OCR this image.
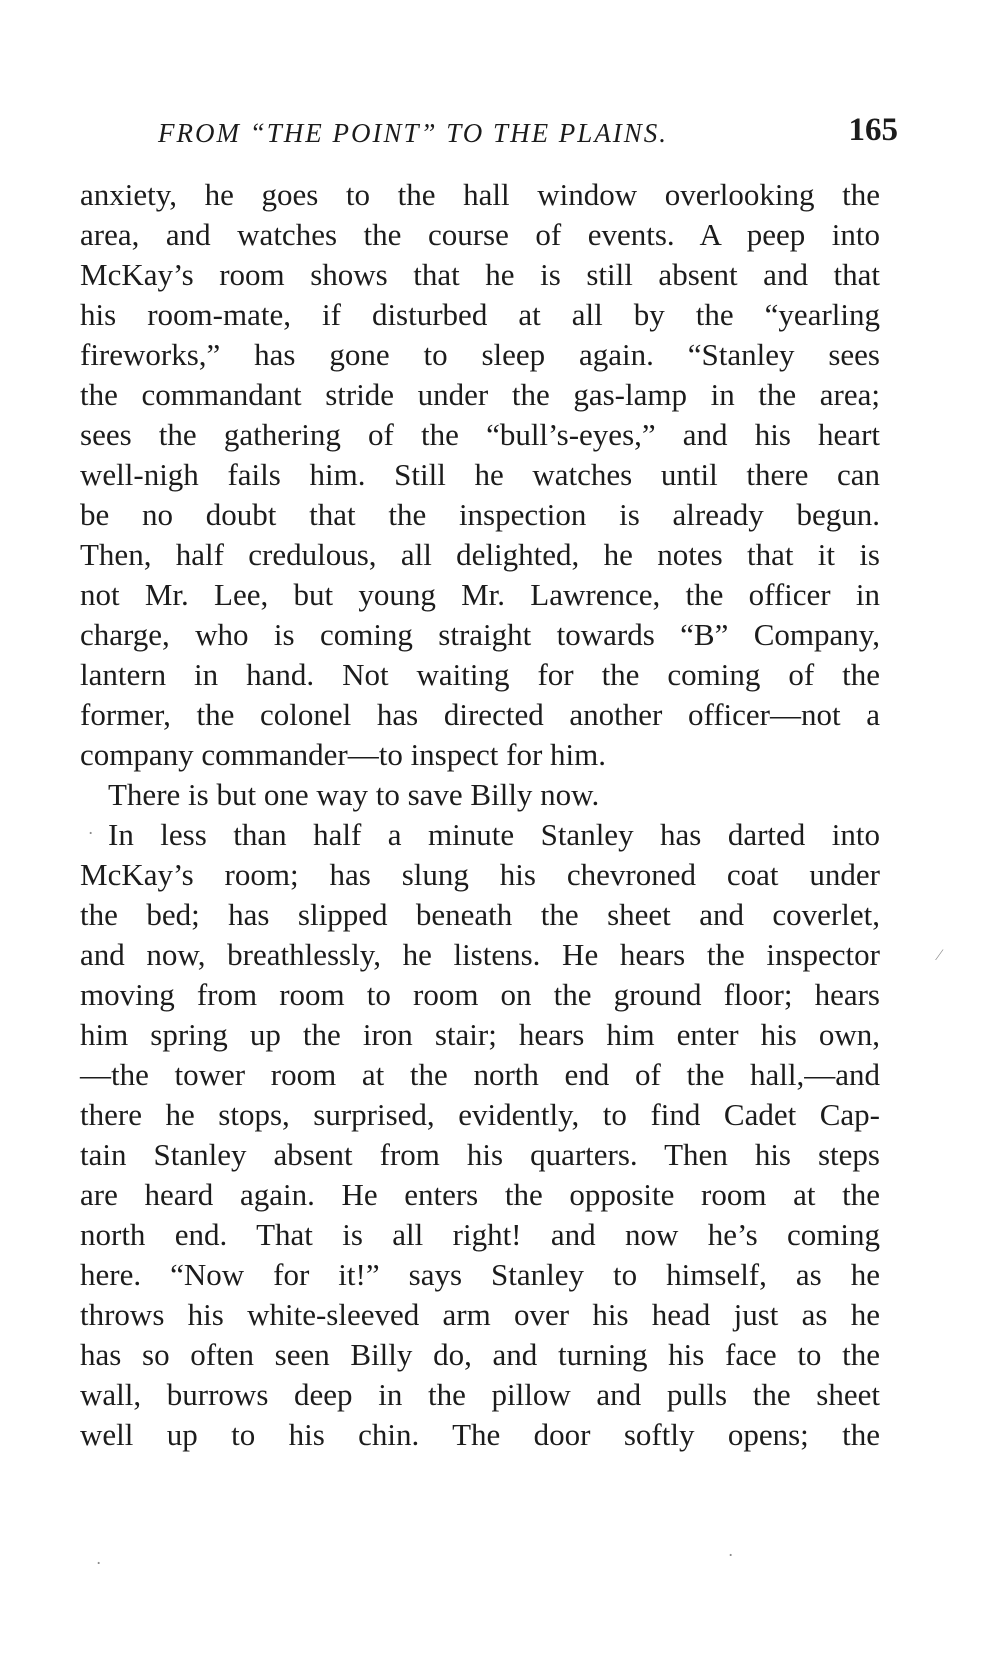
FROM “THE POINT” TO THE PLAINS.	165
anxiety, he goes to the hall window overlooking the
area, and watches the course of events. A peep into
McKay’s room shows that he is still absent and that
his room-mate, if disturbed at all by the “yearling
fireworks,” has gone to sleep again. “Stanley sees
the commandant stride under the gas-lamp in the area;
sees the gathering of the “bull’s-eyes,” and his heart
well-nigh fails him. Still he watches until there can
be no doubt that the inspection is already begun.
Then, half credulous, all delighted, he notes that it is
not Mr. Lee, but young Mr. Lawrence, the officer in
charge, who is coming straight towards “B” Company,
lantern in hand. Not waiting for the coming of the
former, the colonel has directed another officer—not a
company commander—to inspect for him.
There is but one way to save Billy now.
In less than half a minute Stanley has darted into
McKay’s room; has slung his chevroned coat under
the bed; has slipped beneath the sheet and coverlet,
and now, breathlessly, he listens. He hears the inspector
moving from room to room on the ground floor; hears
him spring up the iron stair; hears him enter his own,
—the tower room at the north end of the hall,—and
there he stops, surprised, evidently, to find Cadet Cap-
tain Stanley absent from his quarters. Then his steps
are heard again. He enters the opposite room at the
north end. That is all right! and now he’s coming
here. “Now for it!” says Stanley to himself, as he
throws his white-sleeved arm over his head just as he
has so often seen Billy do, and turning his face to the
wall, burrows deep in the pillow and pulls the sheet
well up to his chin. The door softly opens; the
⁄
․
․	․
